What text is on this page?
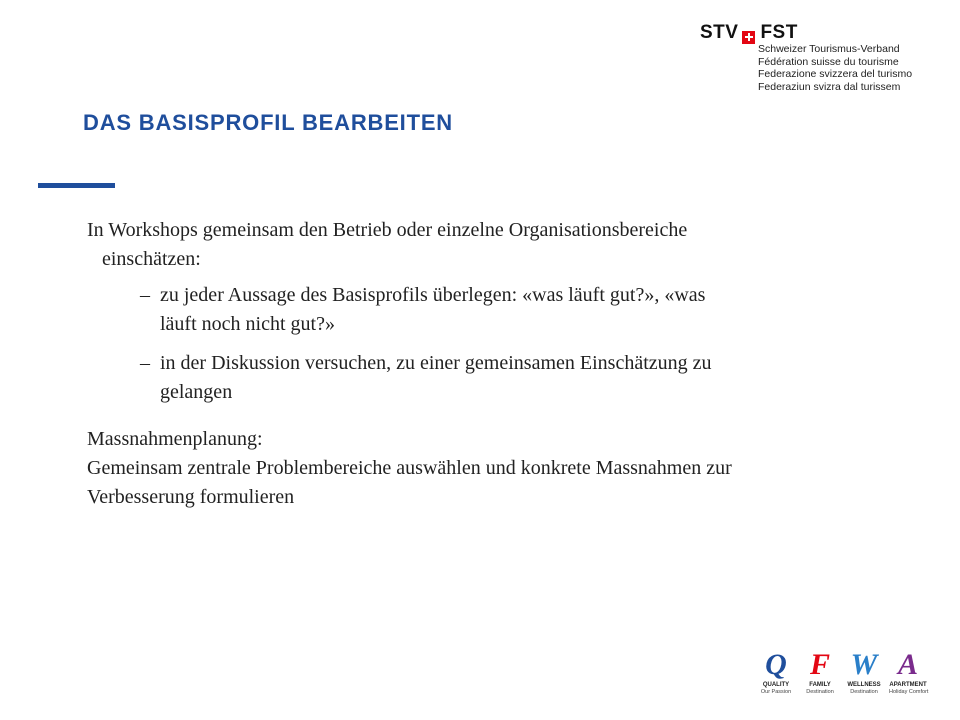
STV FST
Schweizer Tourismus-Verband
Fédération suisse du tourisme
Federazione svizzera del turismo
Federaziun svizra dal turissem
DAS BASISPROFIL BEARBEITEN

In Workshops gemeinsam den Betrieb oder einzelne Organisationsbereiche einschätzen:

– zu jeder Aussage des Basisprofils überlegen: «was läuft gut?», «was läuft noch nicht gut?»
– in der Diskussion versuchen, zu einer gemeinsamen Einschätzung zu gelangen

Massnahmenplanung:

Gemeinsam zentrale Problembereiche auswählen und konkrete Massnahmen zur Verbesserung formulieren

Q
QUALITY
Our Passion
F
FAMILY
Destination
W
WELLNESS
Destination
A
APARTMENT
Holiday Comfort
